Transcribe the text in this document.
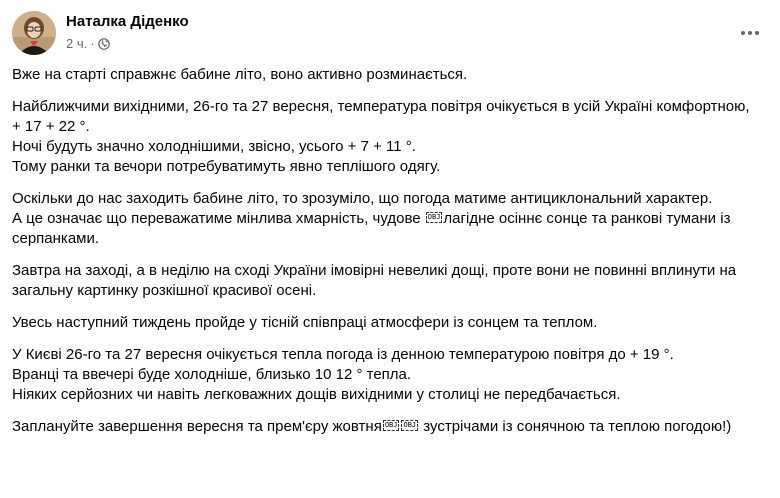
Наталка Діденко
2 ч. ·

Вже на старті справжнє бабине літо, воно активно розминається.

Найближчими вихідними, 26-го та 27 вересня, температура повітря очікується в усій Україні комфортною, + 17 + 22 °.
Ночі будуть значно холоднішими, звісно, усього + 7 + 11 °.
Тому ранки та вечори потребуватимуть явно теплішого одягу.

Оскільки до нас заходить бабине літо, то зрозуміло, що погода матиме антициклональний характер.
А це означає що переважатиме мінлива хмарність, чудове OBJ лагідне осіннє сонце та ранкові тумани із серпанками.

Завтра на заході, а в неділю на сході України імовірні невеликі дощі, проте вони не повинні вплинути на загальну картинку розкішної красивої осені.

Увесь наступний тиждень пройде у тісній співпраці атмосфери із сонцем та теплом.

У Києві 26-го та 27 вересня очікується тепла погода із денною температурою повітря до + 19 °.
Вранці та ввечері буде холодніше, близько 10 12 ° тепла.
Ніяких серйозних чи навіть легковажних дощів вихідними у столиці не передбачається.

Заплануйте завершення вересня та прем'єру жовтня OBJ OBJ зустрічами із сонячною та теплою погодою!)
